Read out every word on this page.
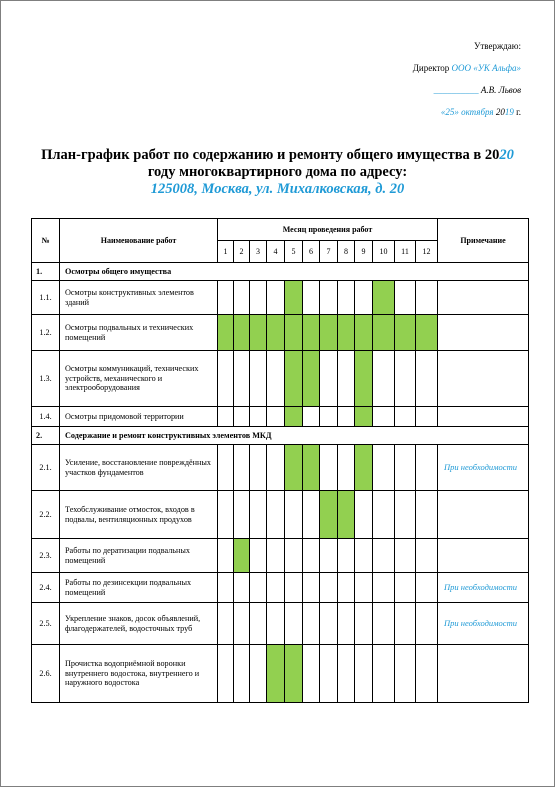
Утверждаю:
Директор ООО «УК Альфа»
__________ А.В. Львов
«25» октября 2019 г.
План-график работ по содержанию и ремонту общего имущества в 2020
году многоквартирного дома по адресу:
125008, Москва, ул. Михалковская, д. 20
№	Наименование работ	Месяц проведения работ												Примечание
		1	2	3	4	5	6	7	8	9	10	11	12	
1.	Осмотры общего имущества													
1.1.	Осмотры конструктивных элементов зданий													
1.2.	Осмотры подвальных и технических помещений													
1.3.	Осмотры коммуникаций, технических устройств, механического и электрооборудования													
1.4.	Осмотры придомовой территории													
2.	Содержание и ремонт конструктивных элементов МКД													
2.1.	Усиление, восстановление повреждённых участков фундаментов													При необходимости
2.2.	Техобслуживание отмосток, входов в подвалы, вентиляционных продухов													
2.3.	Работы по дератизации подвальных помещений													
2.4.	Работы по дезинсекции подвальных помещений													При необходимости
2.5.	Укрепление знаков, досок объявлений, флагодержателей, водосточных труб													При необходимости
2.6.	Прочистка водоприёмной воронки внутреннего водостока, внутреннего и наружного водостока													
